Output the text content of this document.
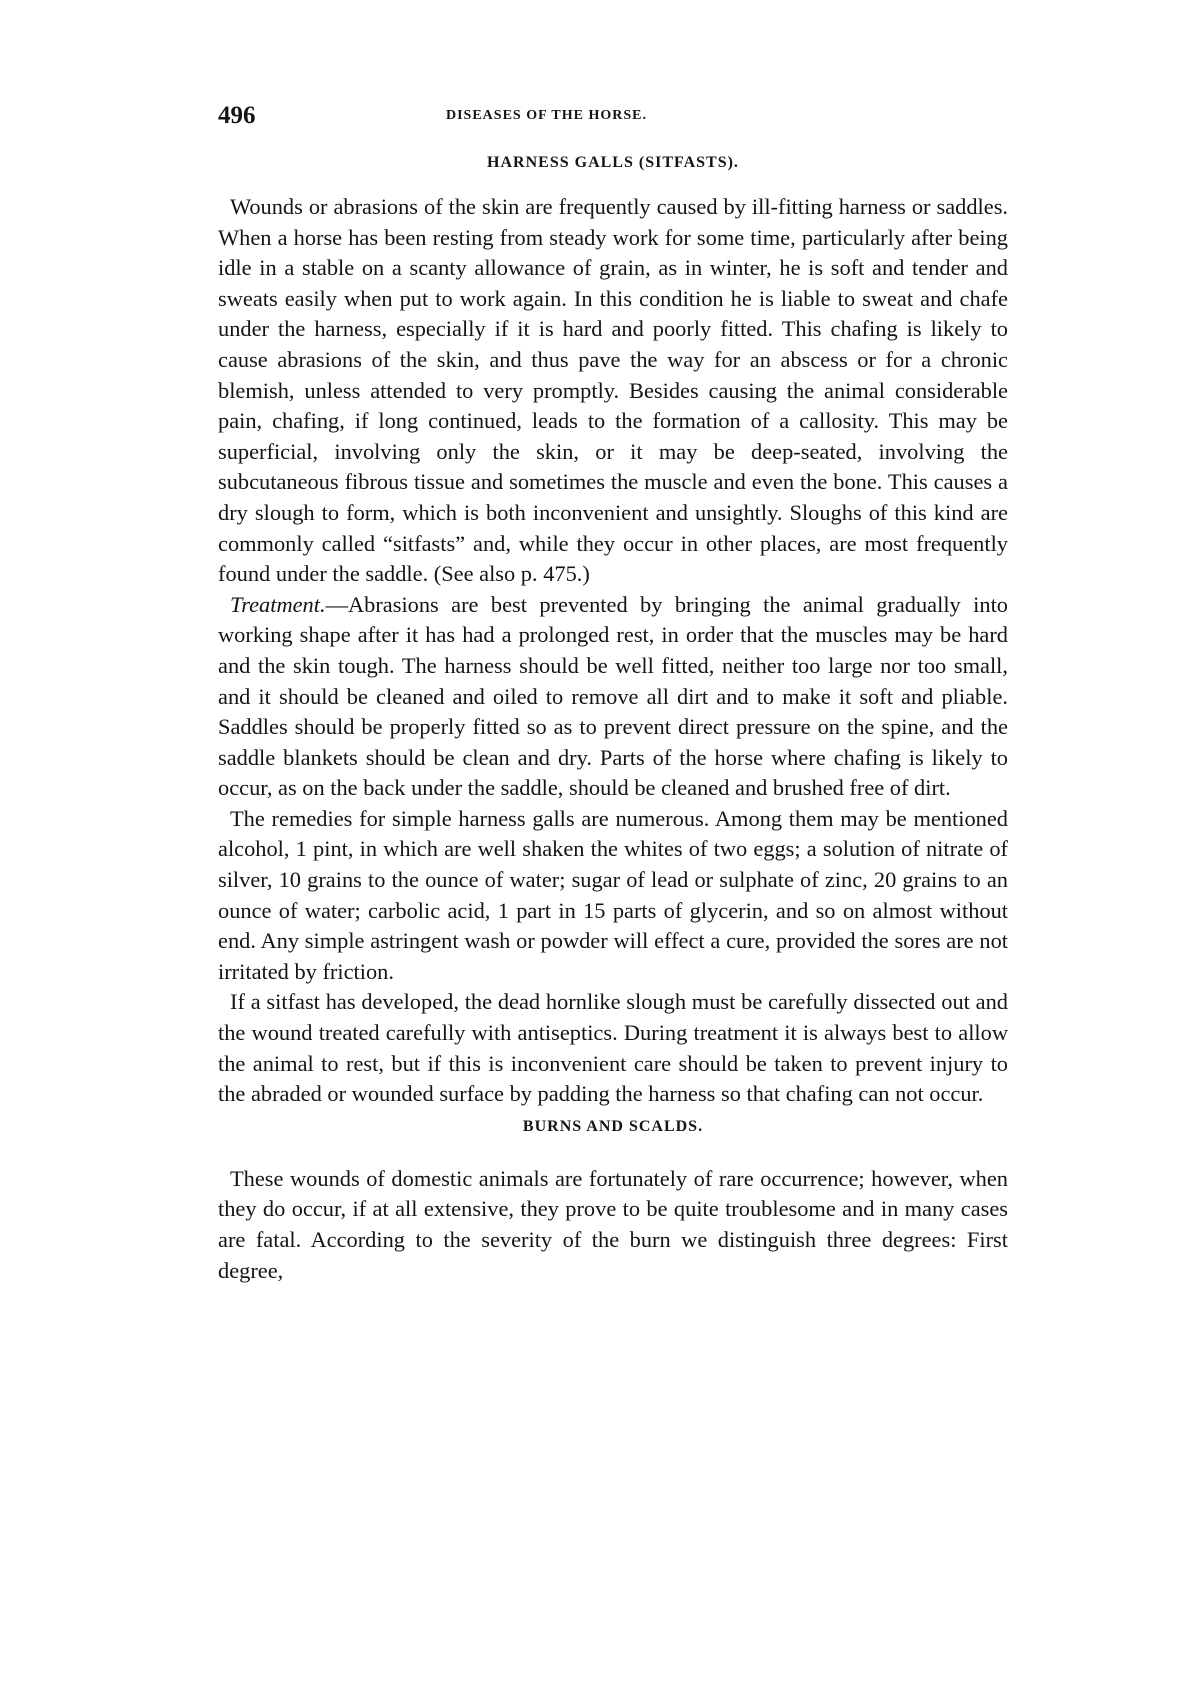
496	DISEASES OF THE HORSE.
HARNESS GALLS (SITFASTS).

Wounds or abrasions of the skin are frequently caused by ill-fitting harness or saddles. When a horse has been resting from steady work for some time, particularly after being idle in a stable on a scanty allowance of grain, as in winter, he is soft and tender and sweats easily when put to work again. In this condition he is liable to sweat and chafe under the harness, especially if it is hard and poorly fitted. This chafing is likely to cause abrasions of the skin, and thus pave the way for an abscess or for a chronic blemish, unless attended to very promptly. Besides causing the animal considerable pain, chafing, if long continued, leads to the formation of a callosity. This may be superficial, involving only the skin, or it may be deep-seated, involving the subcutaneous fibrous tissue and sometimes the muscle and even the bone. This causes a dry slough to form, which is both inconvenient and unsightly. Sloughs of this kind are commonly called “sitfasts” and, while they occur in other places, are most frequently found under the saddle. (See also p. 475.)

Treatment.—Abrasions are best prevented by bringing the animal gradually into working shape after it has had a prolonged rest, in order that the muscles may be hard and the skin tough. The harness should be well fitted, neither too large nor too small, and it should be cleaned and oiled to remove all dirt and to make it soft and pliable. Saddles should be properly fitted so as to prevent direct pressure on the spine, and the saddle blankets should be clean and dry. Parts of the horse where chafing is likely to occur, as on the back under the saddle, should be cleaned and brushed free of dirt.

The remedies for simple harness galls are numerous. Among them may be mentioned alcohol, 1 pint, in which are well shaken the whites of two eggs; a solution of nitrate of silver, 10 grains to the ounce of water; sugar of lead or sulphate of zinc, 20 grains to an ounce of water; carbolic acid, 1 part in 15 parts of glycerin, and so on almost without end. Any simple astringent wash or powder will effect a cure, provided the sores are not irritated by friction.

If a sitfast has developed, the dead hornlike slough must be carefully dissected out and the wound treated carefully with antiseptics. During treatment it is always best to allow the animal to rest, but if this is inconvenient care should be taken to prevent injury to the abraded or wounded surface by padding the harness so that chafing can not occur.

BURNS AND SCALDS.

These wounds of domestic animals are fortunately of rare occurrence; however, when they do occur, if at all extensive, they prove to be quite troublesome and in many cases are fatal. According to the severity of the burn we distinguish three degrees: First degree,
